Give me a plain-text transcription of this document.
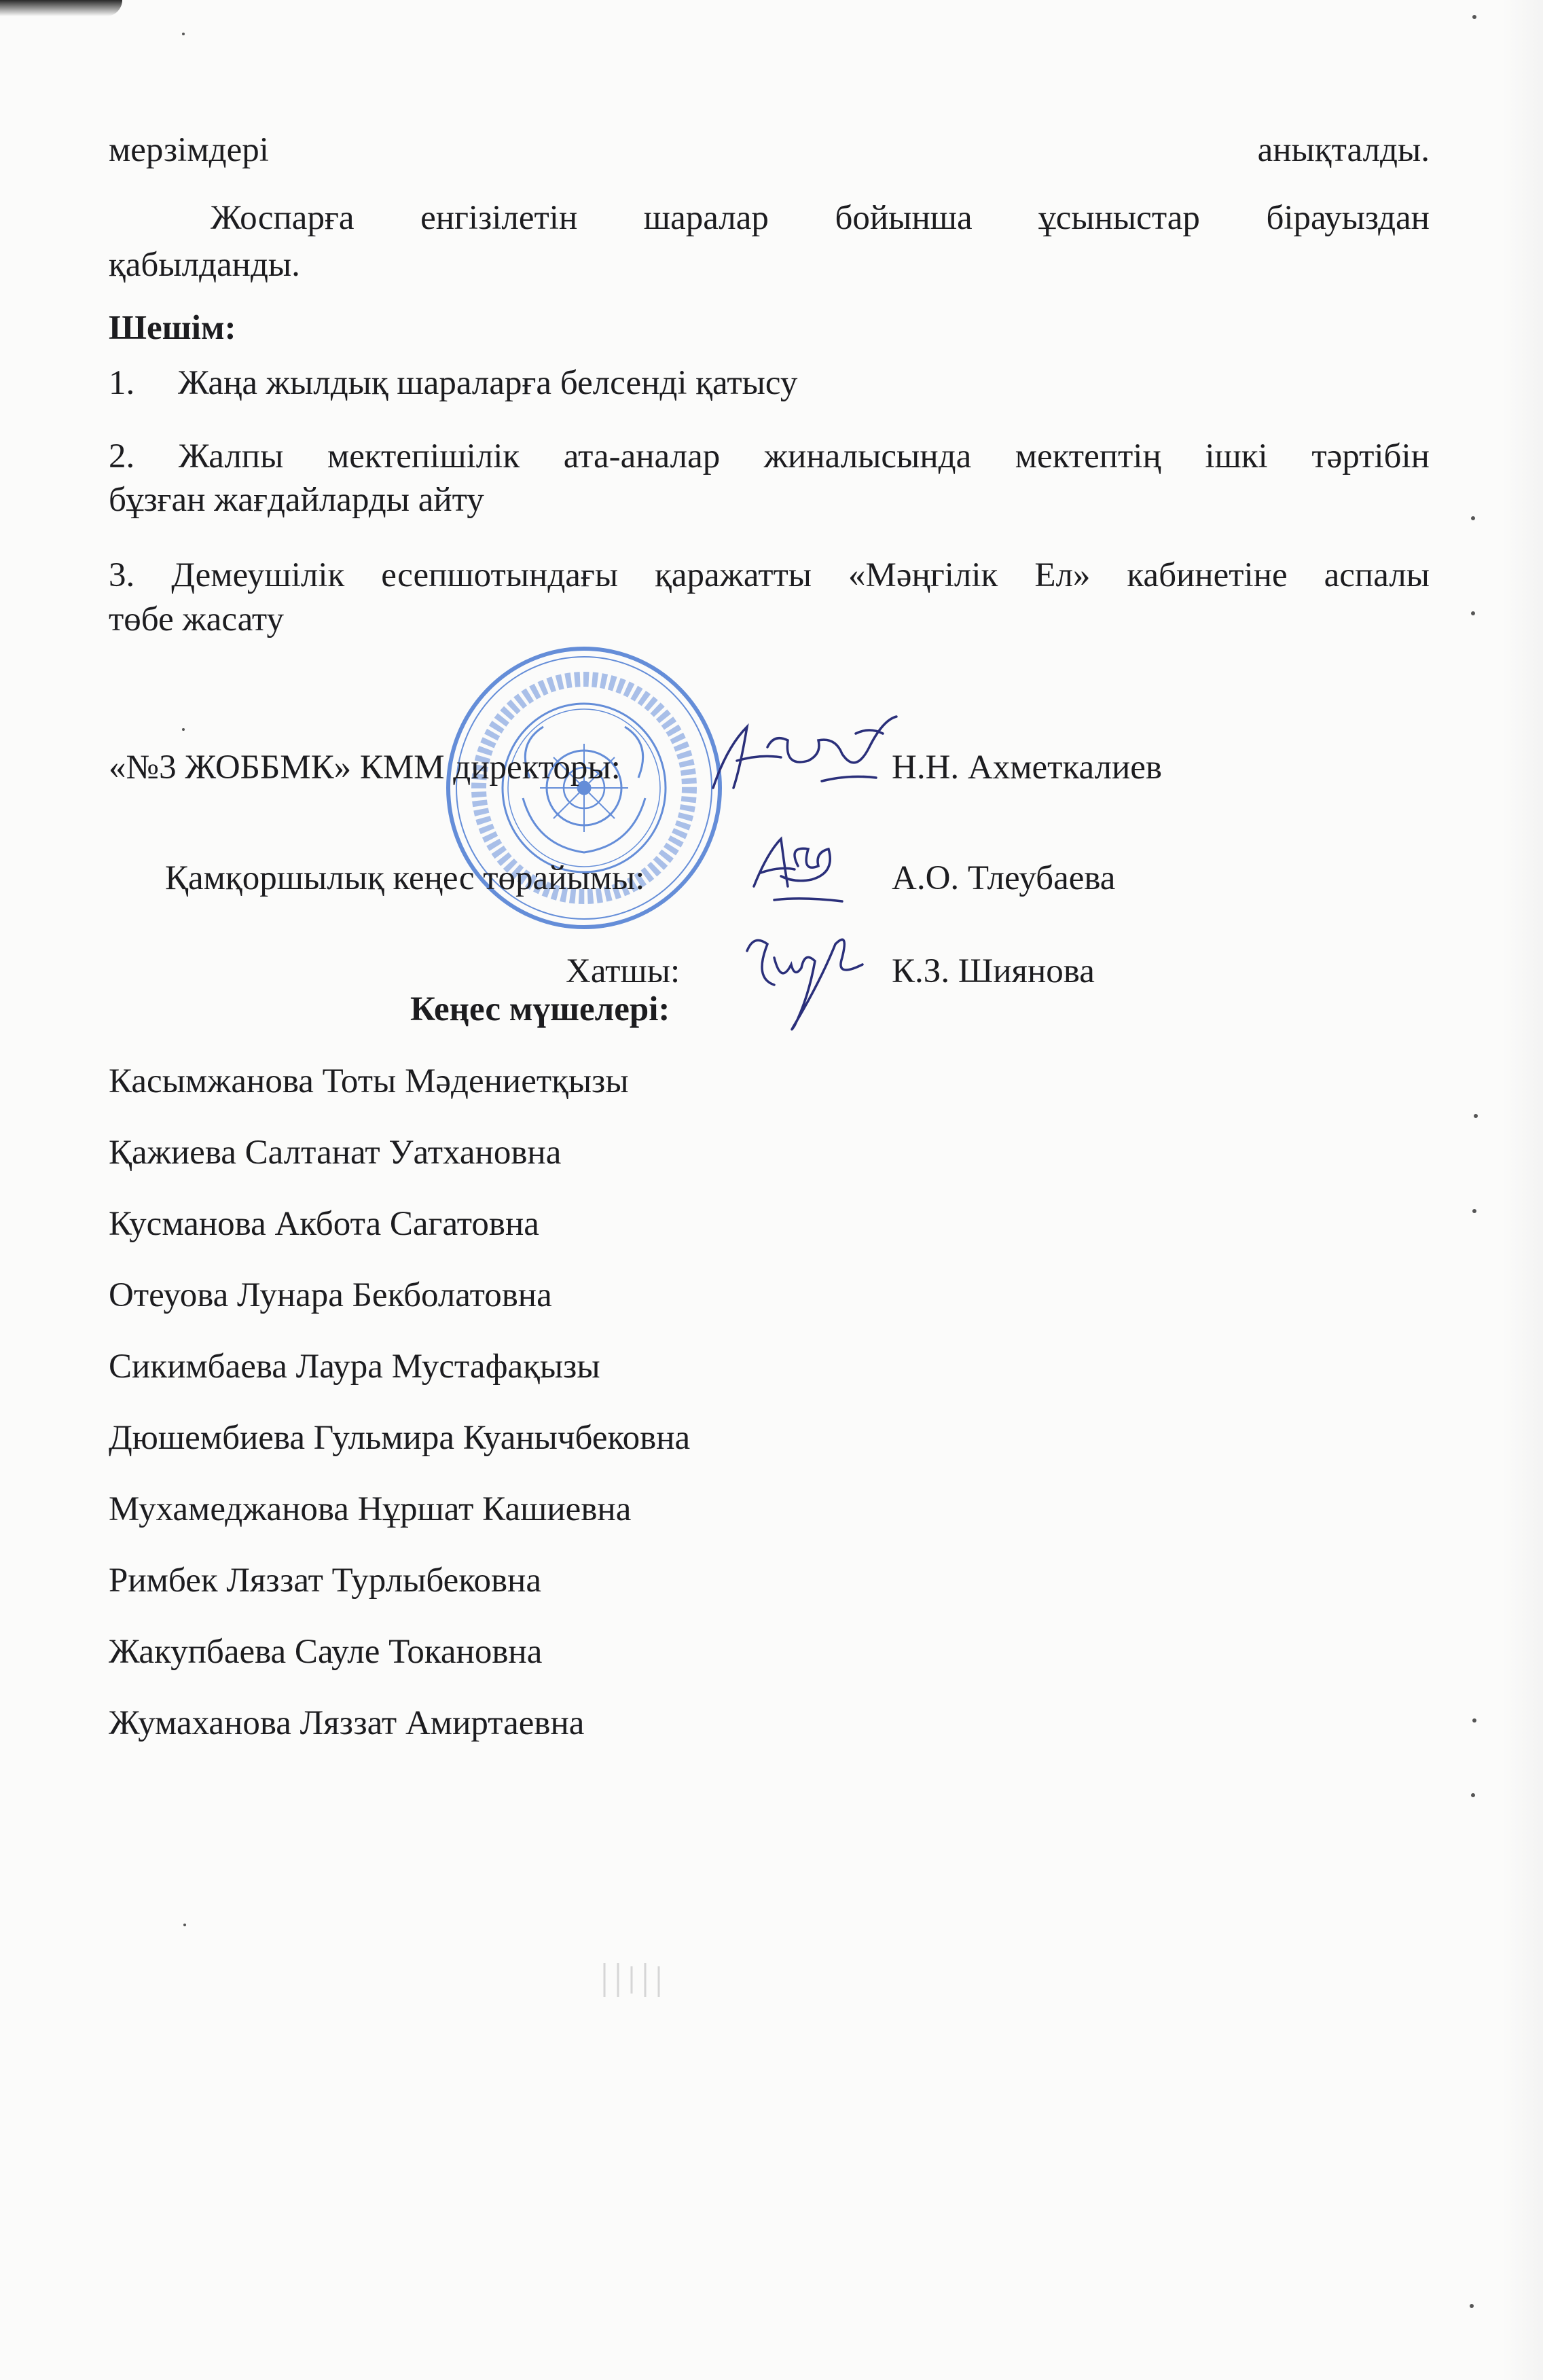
мерзімдері	анықталды.
Жоспарға енгізілетін шаралар бойынша ұсыныстар бірауыздан
қабылданды.
Шешім:
1. Жаңа жылдық шараларға белсенді қатысу
2. Жалпы мектепішілік ата-аналар жиналысында мектептің ішкі тәртібін
бұзған жағдайларды айту
3. Демеушілік есепшотындағы қаражатты «Мәңгілік Ел» кабинетіне аспалы
төбе жасату
«№3 ЖОББМК» КММ директоры:	Н.Н. Ахметкалиев
Қамқоршылық кеңес төрайымы:	А.О. Тлеубаева
Хатшы:	К.З. Шиянова
Кеңес мүшелері:
Касымжанова Тоты Мәдениетқызы
Қажиева Салтанат Уатхановна
Кусманова Акбота Сагатовна
Отеуова Лунара Бекболатовна
Сикимбаева Лаура Мустафақызы
Дюшембиева Гульмира Куанычбековна
Мухамеджанова Нұршат Кашиевна
Римбек Ляззат Турлыбековна
Жакупбаева Сауле Токановна
Жумаханова Ляззат Амиртаевна
